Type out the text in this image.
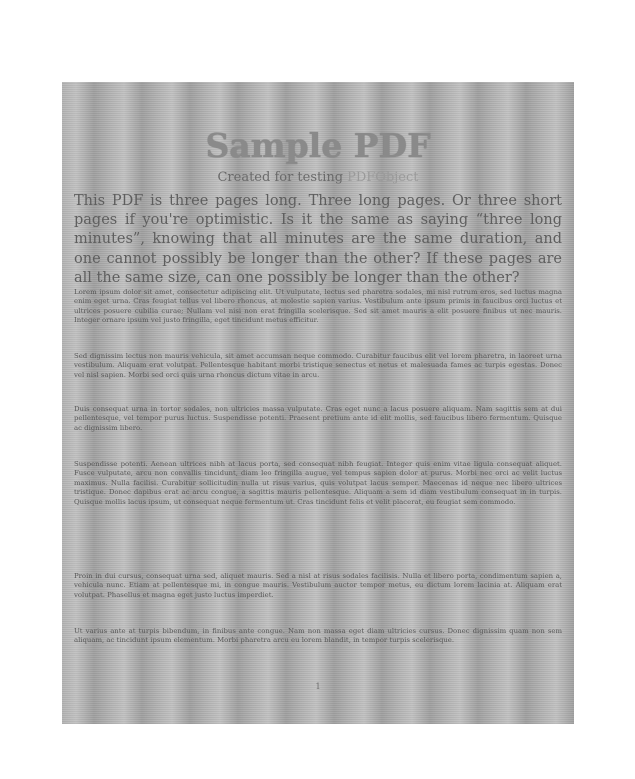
Sample PDF
Created for testing PDFObject
This PDF is three pages long. Three long pages. Or three short pages if you're optimistic. Is it the same as saying “three long minutes”, knowing that all minutes are the same duration, and one cannot possibly be longer than the other? If these pages are all the same size, can one possibly be longer than the other?
Lorem ipsum dolor sit amet, consectetur adipiscing elit. Ut vulputate, lectus sed pharetra sodales, mi nisl rutrum eros, sed luctus magna enim eget urna. Cras feugiat tellus vel libero rhoncus, at molestie sapien varius. Vestibulum ante ipsum primis in faucibus orci luctus et ultrices posuere cubilia curae; Nullam vel nisi non erat fringilla scelerisque. Sed sit amet mauris a elit posuere finibus ut nec mauris. Integer ornare ipsum vel justo fringilla, eget tincidunt metus efficitur.
Sed dignissim lectus non mauris vehicula, sit amet accumsan neque commodo. Curabitur faucibus elit vel lorem pharetra, in laoreet urna vestibulum. Aliquam erat volutpat. Pellentesque habitant morbi tristique senectus et netus et malesuada fames ac turpis egestas. Donec vel nisl sapien. Morbi sed orci quis urna rhoncus dictum vitae in arcu.
Duis consequat urna in tortor sodales, non ultricies massa vulputate. Cras eget nunc a lacus posuere aliquam. Nam sagittis sem at dui pellentesque, vel tempor purus luctus. Suspendisse potenti. Praesent pretium ante id elit mollis, sed faucibus libero fermentum. Quisque ac dignissim libero.
Suspendisse potenti. Aenean ultrices nibh at lacus porta, sed consequat nibh feugiat. Integer quis enim vitae ligula consequat aliquet. Fusce vulputate, arcu non convallis tincidunt, diam leo fringilla augue, vel tempus sapien dolor at purus. Morbi nec orci ac velit luctus maximus. Nulla facilisi. Curabitur sollicitudin nulla ut risus varius, quis volutpat lacus semper. Maecenas id neque nec libero ultrices tristique. Donec dapibus erat ac arcu congue, a sagittis mauris pellentesque. Aliquam a sem id diam vestibulum consequat in in turpis. Quisque mollis lacus ipsum, ut consequat neque fermentum ut. Cras tincidunt felis et velit placerat, eu feugiat sem commodo.
Proin in dui cursus, consequat urna sed, aliquet mauris. Sed a nisl at risus sodales facilisis. Nulla et libero porta, condimentum sapien a, vehicula nunc. Etiam at pellentesque mi, in congue mauris. Vestibulum auctor tempor metus, eu dictum lorem lacinia at. Aliquam erat volutpat. Phasellus et magna eget justo luctus imperdiet.
Ut varius ante at turpis bibendum, in finibus ante congue. Nam non massa eget diam ultricies cursus. Donec dignissim quam non sem aliquam, ac tincidunt ipsum elementum. Morbi pharetra arcu eu lorem blandit, in tempor turpis scelerisque.
1
